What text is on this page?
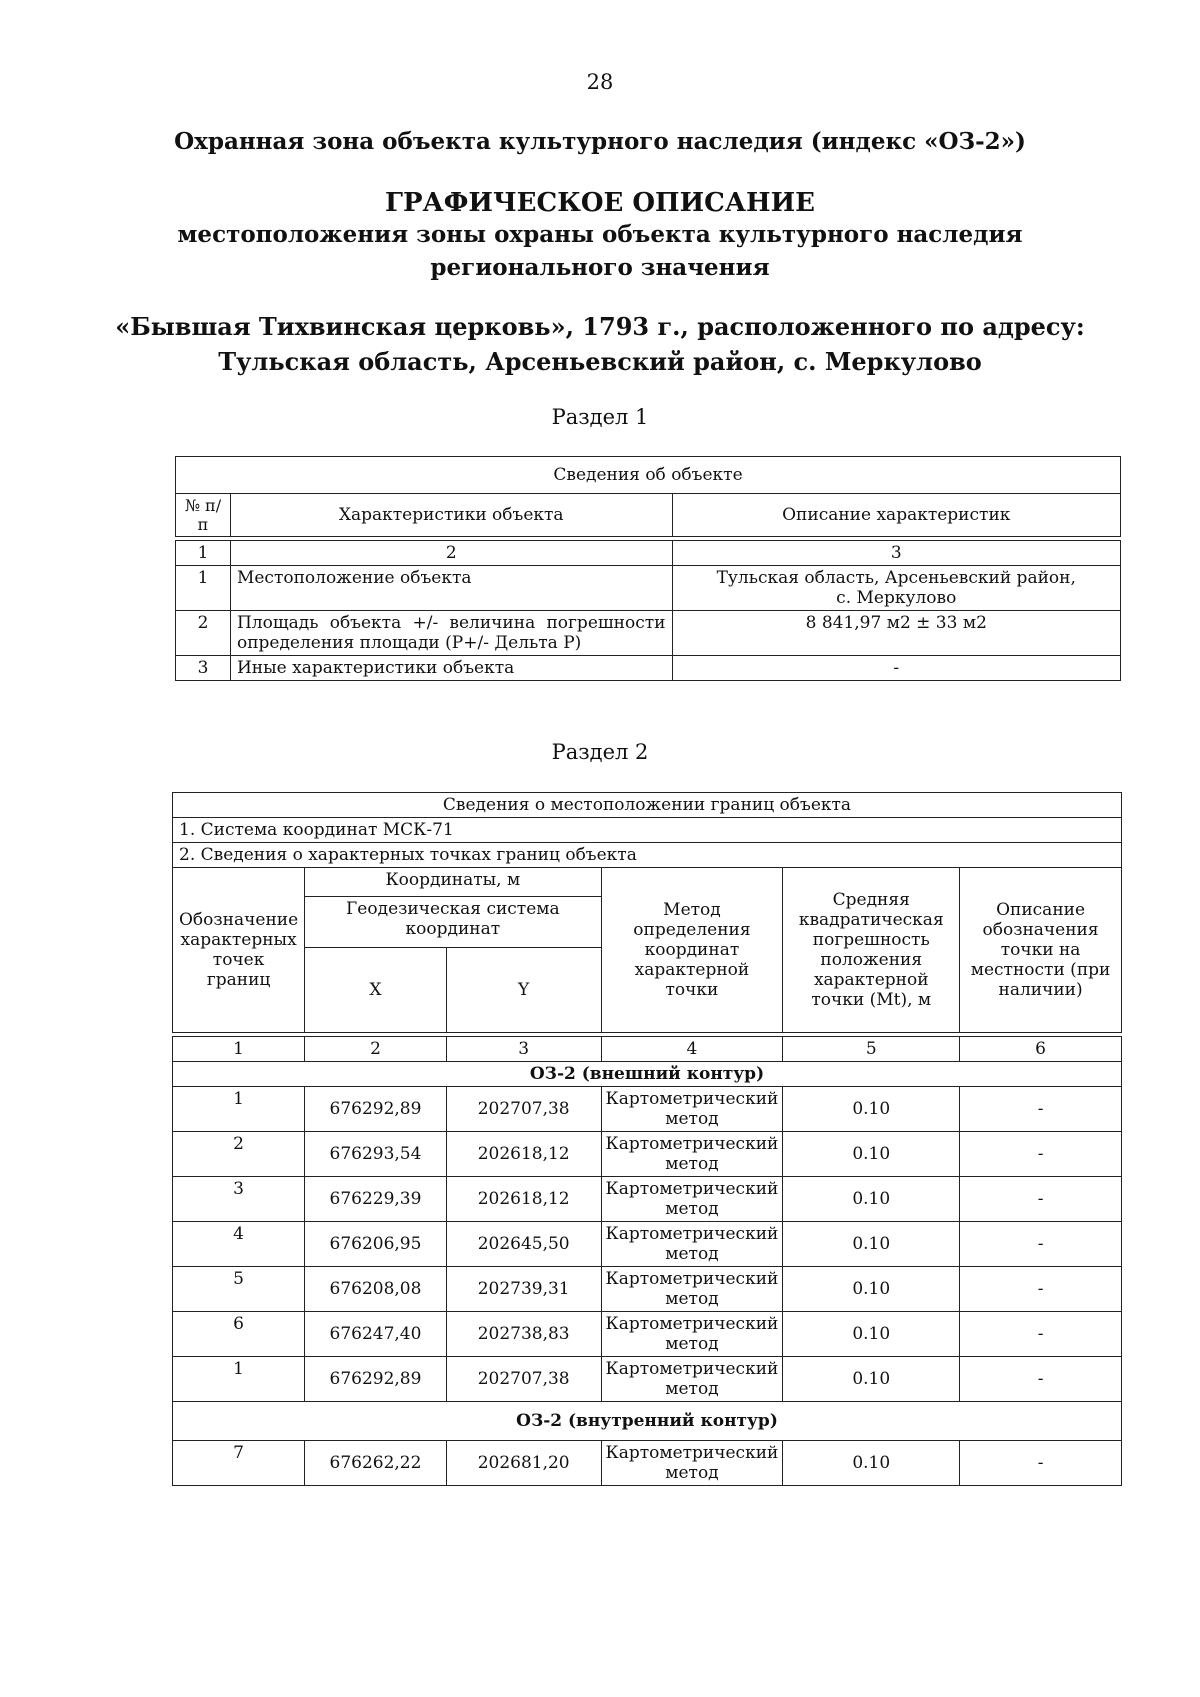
28
Охранная зона объекта культурного наследия (индекс «ОЗ-2»)
ГРАФИЧЕСКОЕ ОПИСАНИЕ
местоположения зоны охраны объекта культурного наследия
регионального значения
«Бывшая Тихвинская церковь», 1793 г., расположенного по адресу:
Тульская область, Арсеньевский район, с. Меркулово
Раздел 1
Сведения об объекте		
№ п/п	Характеристики объекта	Описание характеристик

1	2	3
1	Местоположение объекта	Тульская область, Арсеньевский район,
с. Меркулово

2	Площадь объекта +/- величина погрешности
определения площади (P+/- Дельта P)	8 841,97 м2 ± 33 м2
3	Иные характеристики объекта	-
Раздел 2
Сведения о местоположении границ объекта					
1. Система координат МСК-71					
2. Сведения о характерных точках границ объекта					
Обозначение характерных точек границ	Координаты, м		Метод определения координат характерной точки	Средняя квадратическая погрешность положения характерной точки (Mt), м	Описание обозначения точки на местности (при наличии)
	Геодезическая система координат				
	X	Y			

1	2	3	4	5	6
ОЗ-2 (внешний контур)					
1	676292,89	202707,38	Картометрический метод	0.10	-
2	676293,54	202618,12	Картометрический метод	0.10	-
3	676229,39	202618,12	Картометрический метод	0.10	-
4	676206,95	202645,50	Картометрический метод	0.10	-
5	676208,08	202739,31	Картометрический метод	0.10	-
6	676247,40	202738,83	Картометрический метод	0.10	-
1	676292,89	202707,38	Картометрический метод	0.10	-
ОЗ-2 (внутренний контур)					
7	676262,22	202681,20	Картометрический метод	0.10	-
